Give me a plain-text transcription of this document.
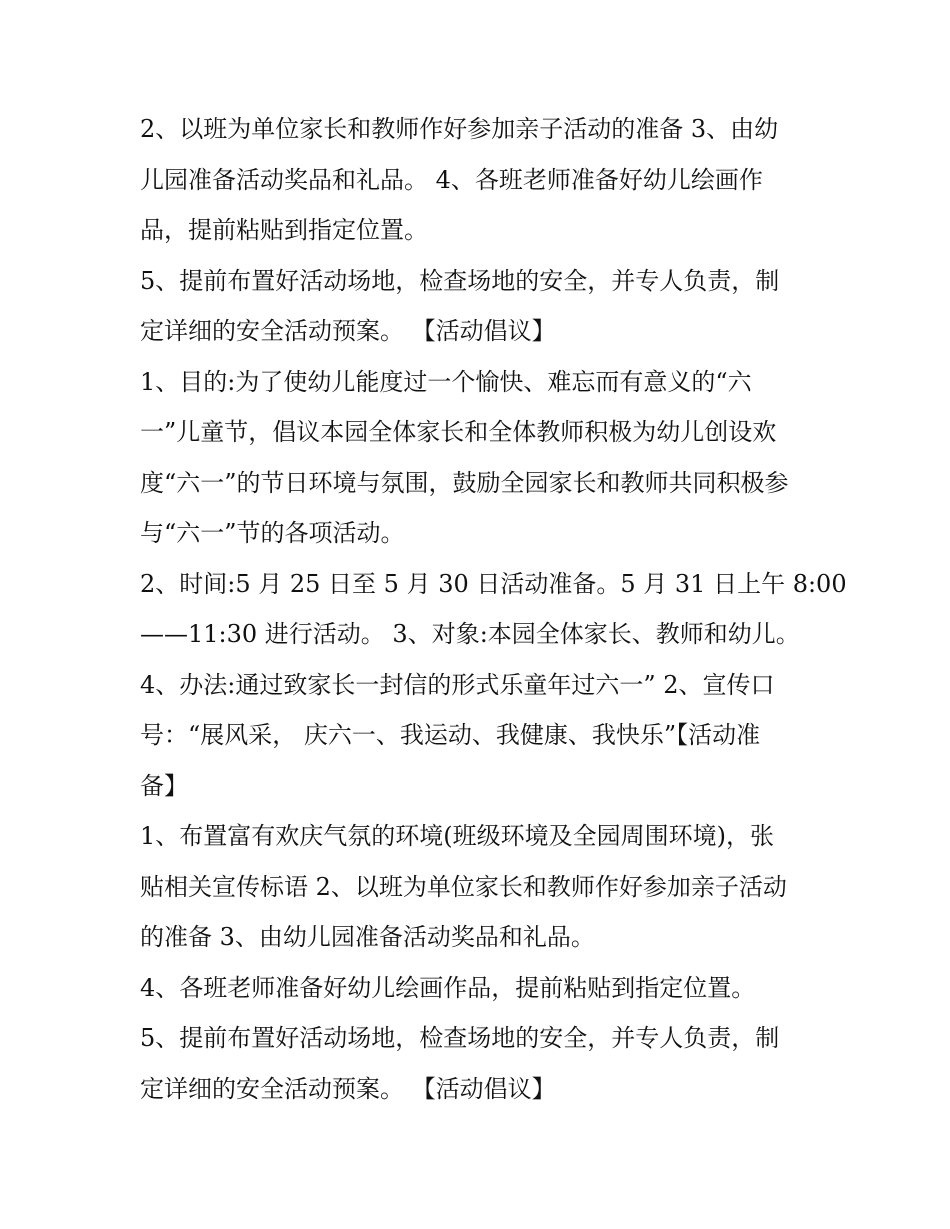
2、以班为单位家长和教师作好参加亲子活动的准备 3、由幼
儿园准备活动奖品和礼品。 4、各班老师准备好幼儿绘画作
品，提前粘贴到指定位置。

5、提前布置好活动场地，检查场地的安全，并专人负责，制
定详细的安全活动预案。 【活动倡议】

1、目的:为了使幼儿能度过一个愉快、难忘而有意义的“六
一”儿童节，倡议本园全体家长和全体教师积极为幼儿创设欢
度“六一”的节日环境与氛围，鼓励全园家长和教师共同积极参
与“六一”节的各项活动。

2、时间:5 月 25 日至 5 月 30 日活动准备。5 月 31 日上午 8:00
——11:30 进行活动。 3、对象:本园全体家长、教师和幼儿。

4、办法:通过致家长一封信的形式乐童年过六一” 2、宣传口
号：“展风采， 庆六一、我运动、我健康、我快乐”【活动准
备】

1、布置富有欢庆气氛的环境(班级环境及全园周围环境)，张
贴相关宣传标语 2、以班为单位家长和教师作好参加亲子活动
的准备 3、由幼儿园准备活动奖品和礼品。

4、各班老师准备好幼儿绘画作品，提前粘贴到指定位置。

5、提前布置好活动场地，检查场地的安全，并专人负责，制
定详细的安全活动预案。 【活动倡议】
